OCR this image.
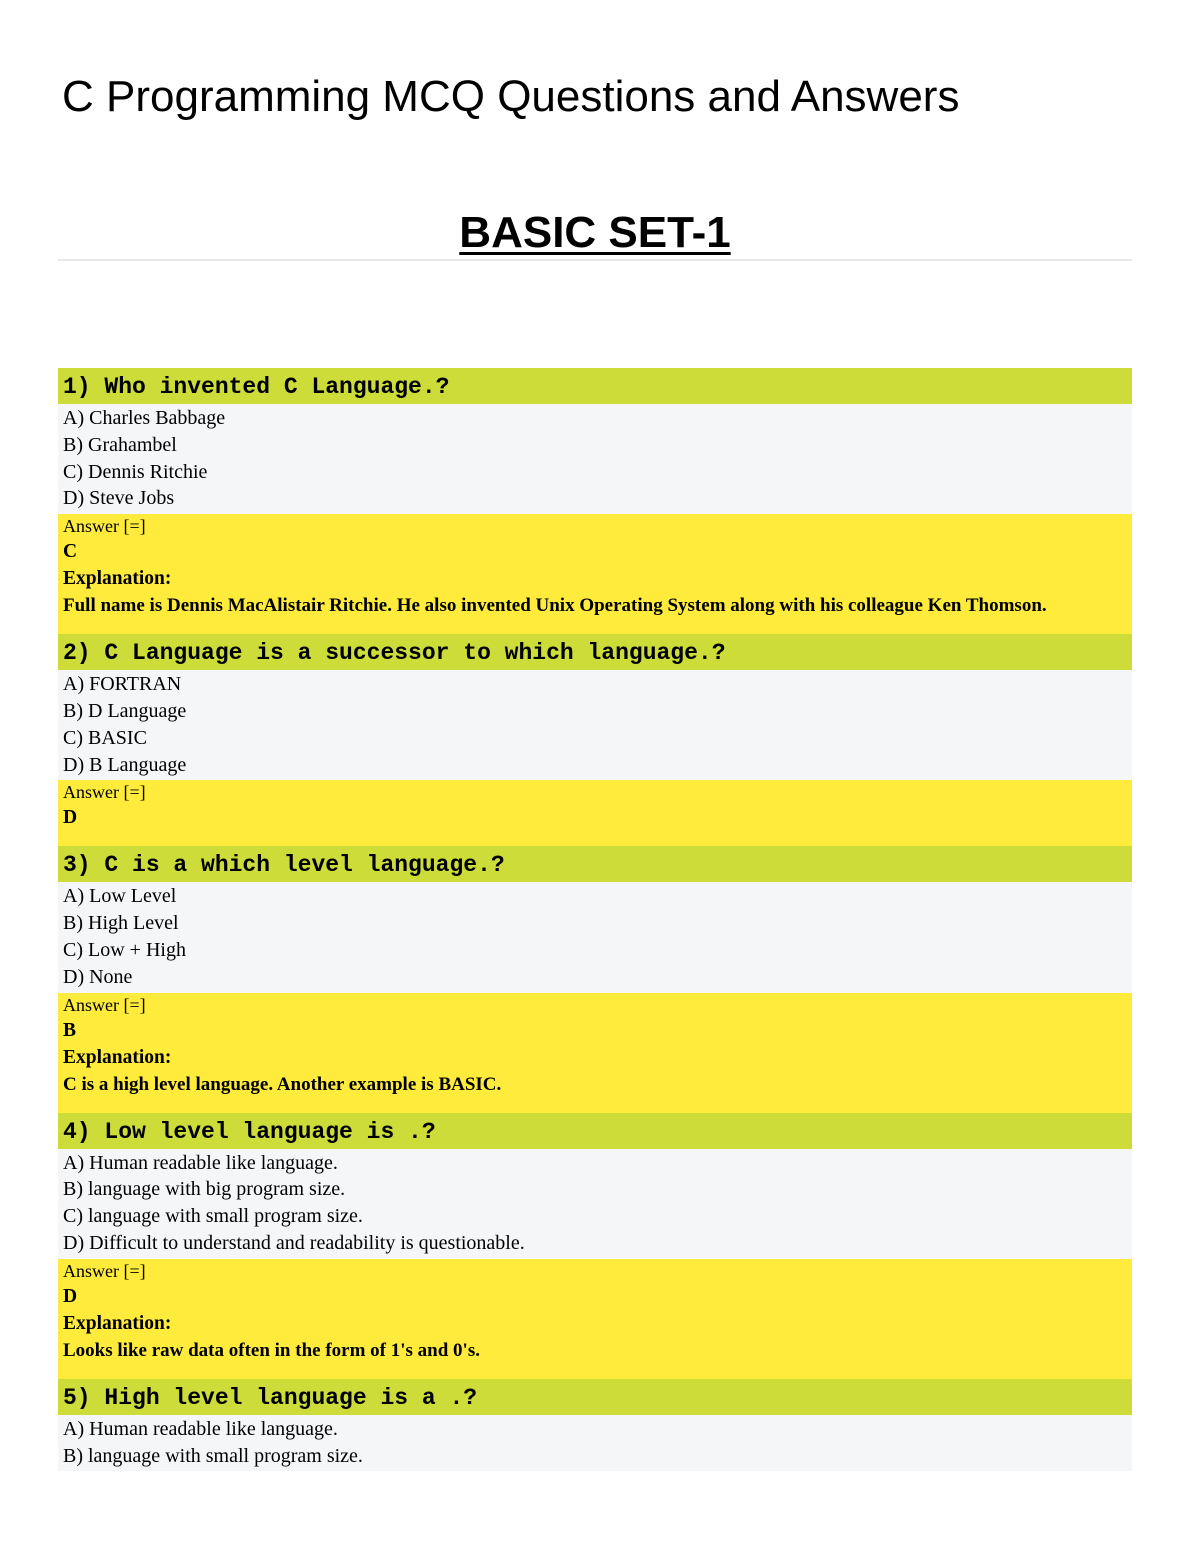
C Programming MCQ Questions and Answers
BASIC SET-1
1) Who invented C Language.?
A) Charles Babbage
B) Grahambel
C) Dennis Ritchie
D) Steve Jobs
Answer [=]
C
Explanation:
Full name is Dennis MacAlistair Ritchie. He also invented Unix Operating System along with his colleague Ken Thomson.
2) C Language is a successor to which language.?
A) FORTRAN
B) D Language
C) BASIC
D) B Language
Answer [=]
D
3) C is a which level language.?
A) Low Level
B) High Level
C) Low + High
D) None
Answer [=]
B
Explanation:
C is a high level language. Another example is BASIC.
4) Low level language is .?
A) Human readable like language.
B) language with big program size.
C) language with small program size.
D) Difficult to understand and readability is questionable.
Answer [=]
D
Explanation:
Looks like raw data often in the form of 1's and 0's.
5) High level language is a .?
A) Human readable like language.
B) language with small program size.
